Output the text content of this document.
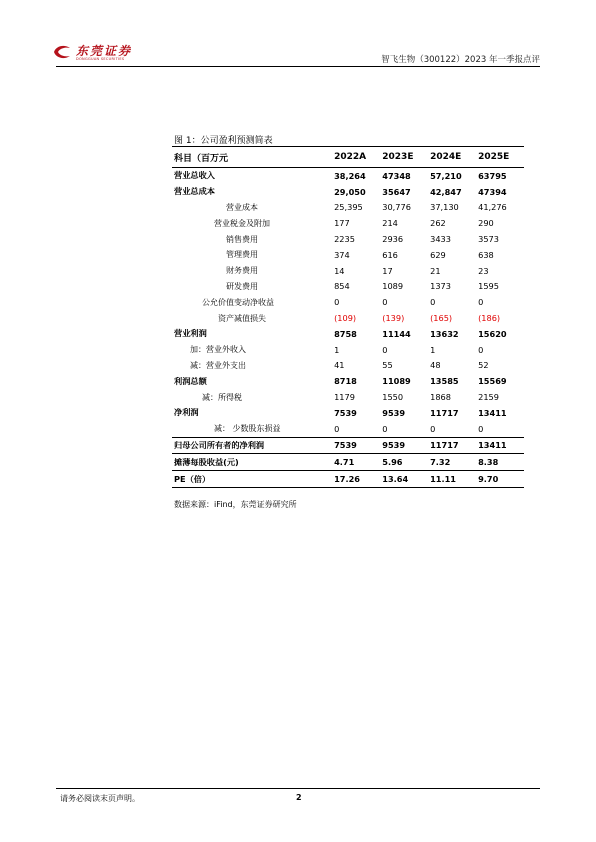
东莞证券
DONGGUAN SECURITIES	智飞生物（300122）2023 年一季报点评
图 1：公司盈利预测简表
科目（百万元	2022A	2023E	2024E	2025E
营业总收入	38,264	47348	57,210	63795
营业总成本	29,050	35647	42,847	47394
营业成本	25,395	30,776	37,130	41,276
营业税金及附加	177	214	262	290
销售费用	2235	2936	3433	3573
管理费用	374	616	629	638
财务费用	14	17	21	23
研发费用	854	1089	1373	1595
公允价值变动净收益	0	0	0	0
资产减值损失	(109)	(139)	(165)	(186)
营业利润	8758	11144	13632	15620
加：营业外收入	1	0	1	0
减：营业外支出	41	55	48	52
利润总额	8718	11089	13585	15569
减：所得税	1179	1550	1868	2159
净利润	7539	9539	11717	13411
减： 少数股东损益	0	0	0	0
归母公司所有者的净利润	7539	9539	11717	13411
摊薄每股收益(元)	4.71	5.96	7.32	8.38
PE（倍）	17.26	13.64	11.11	9.70
数据来源：iFind，东莞证券研究所
请务必阅读末页声明。	2
